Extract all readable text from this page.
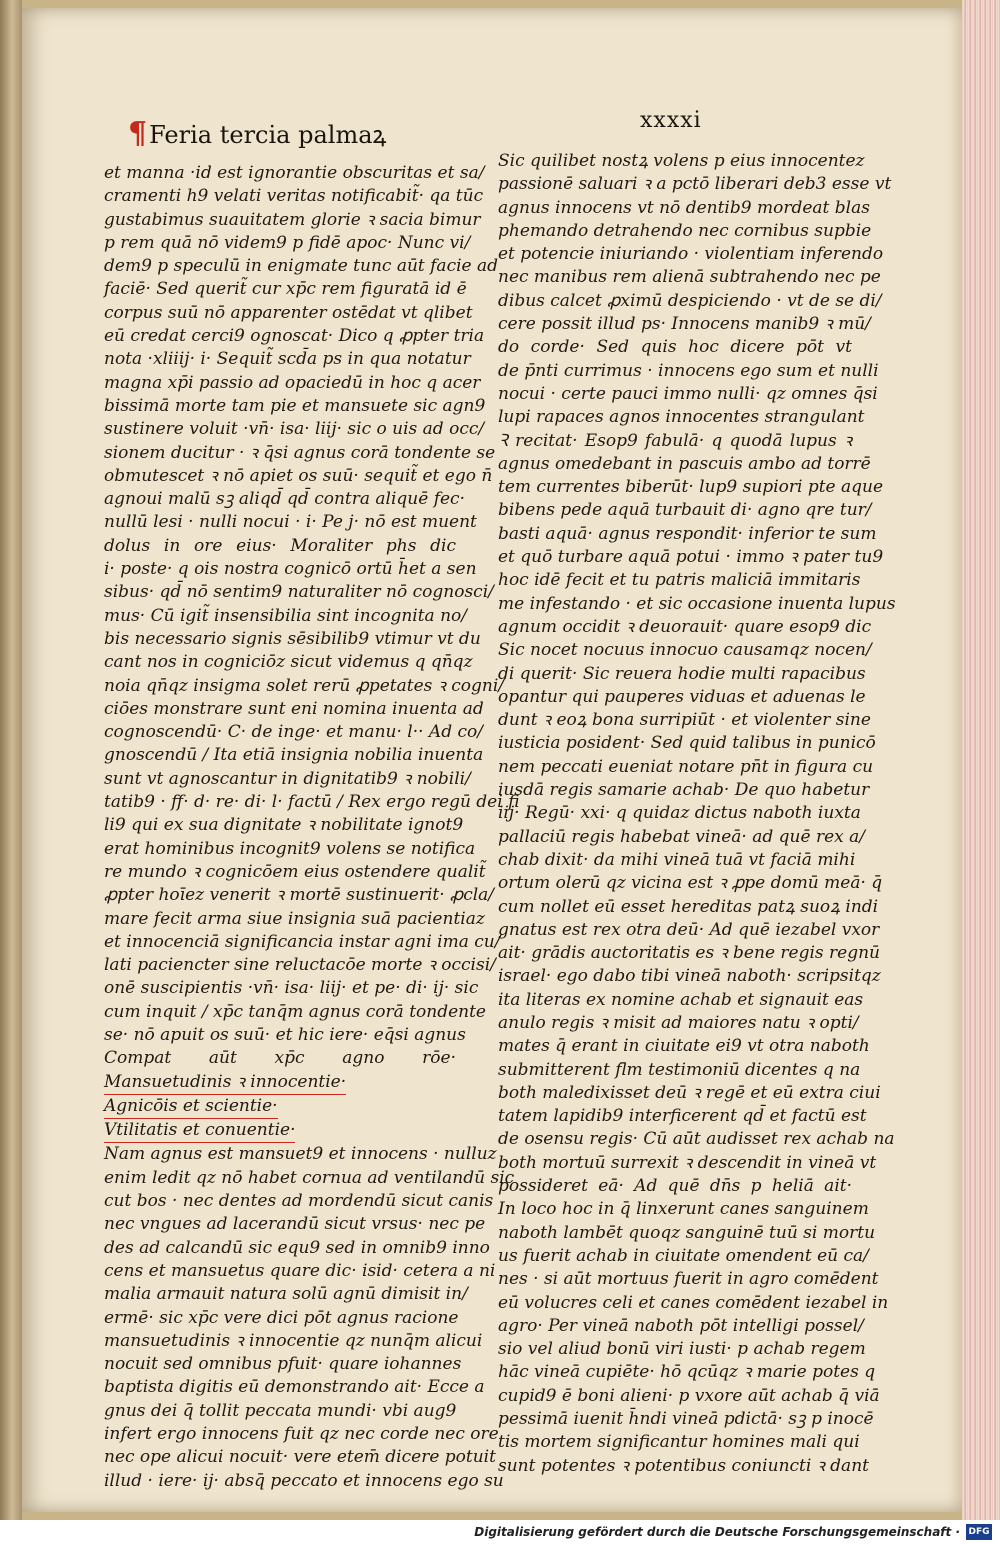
¶Feria tercia palmaꝝ
xxxxi

et manna ·id est ignorantie obscuritas et sa/

cramenti h9 velati veritas notificabit̃· qa tūc

gustabimus suauitatem glorie ꝛ sacia bimur

p rem quā nō videm9 p fidē apoc· Nunc vi/

dem9 p speculū in enigmate tunc aūt facie ad

faciē· Sed querit̃ cur xp̄c rem figuratā id ē

corpus suū nō apparenter ostēdat vt qlibet

eū credat cerci9 ognoscat· Dico q ꝓpter tria

nota ·xliiij· i· Sequit̃ scd̄a ps in qua notatur

magna xp̄i passio ad opaciedū in hoc q acer

bissimā morte tam pie et mansuete sic agn9

sustinere voluit ·vn̄· isa· liij· sic o uis ad occ/

sionem ducitur · ꝛ q̄si agnus corā tondente se

obmutescet ꝛ nō apiet os suū· sequit̃ et ego n̄

agnoui malū sꝫ aliqd̄ qd̄ contra aliquē fec·

nullū lesi · nulli nocui · i· Pe j· nō est muent

dolus in ore eius· Moraliter phs dic

i· poste· q ois nostra cognicō ortū h̄et a sen

sibus· qd̄ nō sentim9 naturaliter nō cognosci/

mus· Cū igit̃ insensibilia sint incognita no/

bis necessario signis sēsibilib9 vtimur vt du

cant nos in cogniciōz sicut videmus q qn̄qz

noia qn̄qz insigma solet rerū ꝓpetates ꝛ cogni/

ciōes monstrare sunt eni nomina inuenta ad

cognoscendū· C· de inge· et manu· l·· Ad co/

gnoscendū / Ita etiā insignia nobilia inuenta

sunt vt agnoscantur in dignitatib9 ꝛ nobili/

tatib9 · ff· d· re· di· l· factū / Rex ergo regū dei fi

li9 qui ex sua dignitate ꝛ nobilitate ignot9

erat hominibus incognit9 volens se notifica

re mundo ꝛ cognicōem eius ostendere qualit̃

ꝓpter hoīez venerit ꝛ mortē sustinuerit· ꝓcla/

mare fecit arma siue insignia suā pacientiaz

et innocenciā significancia instar agni ima cu/

lati paciencter sine reluctacōe morte ꝛ occisi/

onē suscipientis ·vn̄· isa· liij· et pe· di· ij· sic

cum inquit / xp̄c tanq̄m agnus corā tondente

se· nō apuit os suū· et hic iere· eq̄si agnus

Compat aūt xp̄c agno rōe·

Mansuetudinis ꝛ innocentie·

Agnicōis et scientie·

Vtilitatis et conuentie·

Nam agnus est mansuet9 et innocens · nulluz

enim ledit qz nō habet cornua ad ventilandū sic

cut bos · nec dentes ad mordendū sicut canis

nec vngues ad lacerandū sicut vrsus· nec pe

des ad calcandū sic equ9 sed in omnib9 inno

cens et mansuetus quare dic· isid· cetera a ni

malia armauit natura solū agnū dimisit in/

ermē· sic xp̄c vere dici pōt agnus racione

mansuetudinis ꝛ innocentie qz nunq̄m alicui

nocuit sed omnibus pfuit· quare iohannes

baptista digitis eū demonstrando ait· Ecce a

gnus dei q̄ tollit peccata mundi· vbi aug9

infert ergo innocens fuit qz nec corde nec ore

nec ope alicui nocuit· vere etem̄ dicere potuit

illud · iere· ij· absq̄ peccato et innocens ego su

Sic quilibet nostꝝ volens p eius innocentez

passionē saluari ꝛ a pctō liberari deb3 esse vt

agnus innocens vt nō dentib9 mordeat blas

phemando detrahendo nec cornibus supbie

et potencie iniuriando · violentiam inferendo

nec manibus rem alienā subtrahendo nec pe

dibus calcet ꝓximū despiciendo · vt de se di/

cere possit illud ps· Innocens manib9 ꝛ mū/

do corde· Sed quis hoc dicere pōt vt

de p̄nti currimus · innocens ego sum et nulli

nocui · certe pauci immo nulli· qz omnes q̄si

lupi rapaces agnos innocentes strangulant

Ꝛ recitat· Esop9 fabulā· q quodā lupus ꝛ

agnus omedebant in pascuis ambo ad torrē

tem currentes biberūt· lup9 supiori pte aque

bibens pede aquā turbauit di· agno qre tur/

basti aquā· agnus respondit· inferior te sum

et quō turbare aquā potui · immo ꝛ pater tu9

hoc idē fecit et tu patris maliciā immitaris

me infestando · et sic occasione inuenta lupus

agnum occidit ꝛ deuorauit· quare esop9 dic

Sic nocet nocuus innocuo causamqz nocen/

di querit· Sic reuera hodie multi rapacibus

opantur qui pauperes viduas et aduenas le

dunt ꝛ eoꝝ bona surripiūt · et violenter sine

iusticia posident· Sed quid talibus in punicō

nem peccati eueniat notare pn̄t in figura cu

iusdā regis samarie achab· De quo habetur

iij· Regū· xxi· q quidaz dictus naboth iuxta

pallaciū regis habebat vineā· ad quē rex a/

chab dixit· da mihi vineā tuā vt faciā mihi

ortum olerū qz vicina est ꝛ ꝓpe domū meā· q̄

cum nollet eū esset hereditas patꝝ suoꝝ indi

gnatus est rex otra deū· Ad quē iezabel vxor

ait· grādis auctoritatis es ꝛ bene regis regnū

israel· ego dabo tibi vineā naboth· scripsitqz

ita literas ex nomine achab et signauit eas

anulo regis ꝛ misit ad maiores natu ꝛ opti/

mates q̄ erant in ciuitate ei9 vt otra naboth

submitterent fl̄m testimoniū dicentes q na

both maledixisset deū ꝛ regē et eū extra ciui

tatem lapidib9 interficerent qd̄ et factū est

de osensu regis· Cū aūt audisset rex achab na

both mortuū surrexit ꝛ descendit in vineā vt

possideret eā· Ad quē dn̄s p heliā ait·

In loco hoc in q̄ linxerunt canes sanguinem

naboth lambēt quoqz sanguinē tuū si mortu

us fuerit achab in ciuitate omendent eū ca/

nes · si aūt mortuus fuerit in agro comēdent

eū volucres celi et canes comēdent iezabel in

agro· Per vineā naboth pōt intelligi possel/

sio vel aliud bonū viri iusti· p achab regem

hāc vineā cupiēte· hō qcūqz ꝛ marie potes q

cupid9 ē boni alieni· p vxore aūt achab q̄ viā

pessimā iuenit h̄ndi vineā pdictā· sꝫ p inocē

tis mortem significantur homines mali qui

sunt potentes ꝛ potentibus coniuncti ꝛ dant

Digitalisierung gefördert durch die Deutsche Forschungsgemeinschaft · DFG
